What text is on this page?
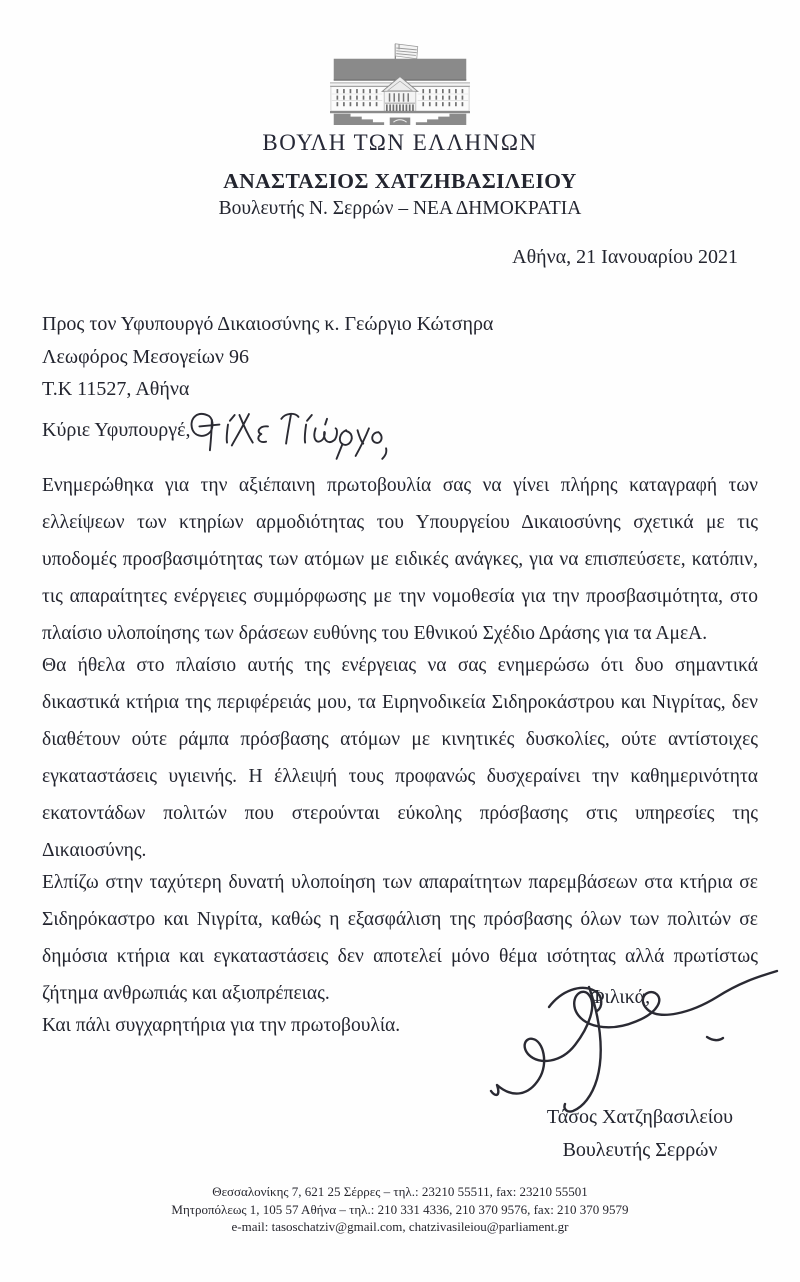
ΒΟΥΛΗ ΤΩΝ ΕΛΛΗΝΩΝ
ΑΝΑΣΤΑΣΙΟΣ ΧΑΤΖΗΒΑΣΙΛΕΙΟΥ
Βουλευτής Ν. Σερρών – ΝΕΑ ΔΗΜΟΚΡΑΤΙΑ
Αθήνα, 21 Ιανουαρίου 2021
Προς τον Υφυπουργό Δικαιοσύνης κ. Γεώργιο Κώτσηρα
Λεωφόρος Μεσογείων 96
Τ.Κ 11527, Αθήνα
Κύριε Υφυπουργέ,

Ενημερώθηκα για την αξιέπαινη πρωτοβουλία σας να γίνει πλήρης καταγραφή των ελλείψεων των κτηρίων αρμοδιότητας του Υπουργείου Δικαιοσύνης σχετικά με τις υποδομές προσβασιμότητας των ατόμων με ειδικές ανάγκες, για να επισπεύσετε, κατόπιν, τις απαραίτητες ενέργειες συμμόρφωσης με την νομοθεσία για την προσβασιμότητα, στο πλαίσιο υλοποίησης των δράσεων ευθύνης του Εθνικού Σχέδιο Δράσης για τα ΑμεΑ.

Θα ήθελα στο πλαίσιο αυτής της ενέργειας να σας ενημερώσω ότι δυο σημαντικά δικαστικά κτήρια της περιφέρειάς μου, τα Ειρηνοδικεία Σιδηροκάστρου και Νιγρίτας, δεν διαθέτουν ούτε ράμπα πρόσβασης ατόμων με κινητικές δυσκολίες, ούτε αντίστοιχες εγκαταστάσεις υγιεινής. Η έλλειψή τους προφανώς δυσχεραίνει την καθημερινότητα εκατοντάδων πολιτών που στερούνται εύκολης πρόσβασης στις υπηρεσίες της Δικαιοσύνης.

Ελπίζω στην ταχύτερη δυνατή υλοποίηση των απαραίτητων παρεμβάσεων στα κτήρια σε Σιδηρόκαστρο και Νιγρίτα, καθώς η εξασφάλιση της πρόσβασης όλων των πολιτών σε δημόσια κτήρια και εγκαταστάσεις δεν αποτελεί μόνο θέμα ισότητας αλλά πρωτίστως ζήτημα ανθρωπιάς και αξιοπρέπειας.

Και πάλι συγχαρητήρια για την πρωτοβουλία.

Φιλικά,
Τάσος Χατζηβασιλείου
Βουλευτής Σερρών
Θεσσαλονίκης 7, 621 25 Σέρρες – τηλ.: 23210 55511, fax: 23210 55501
Μητροπόλεως 1, 105 57 Αθήνα – τηλ.: 210 331 4336, 210 370 9576, fax: 210 370 9579
e-mail: tasoschatziv@gmail.com, chatzivasileiou@parliament.gr
